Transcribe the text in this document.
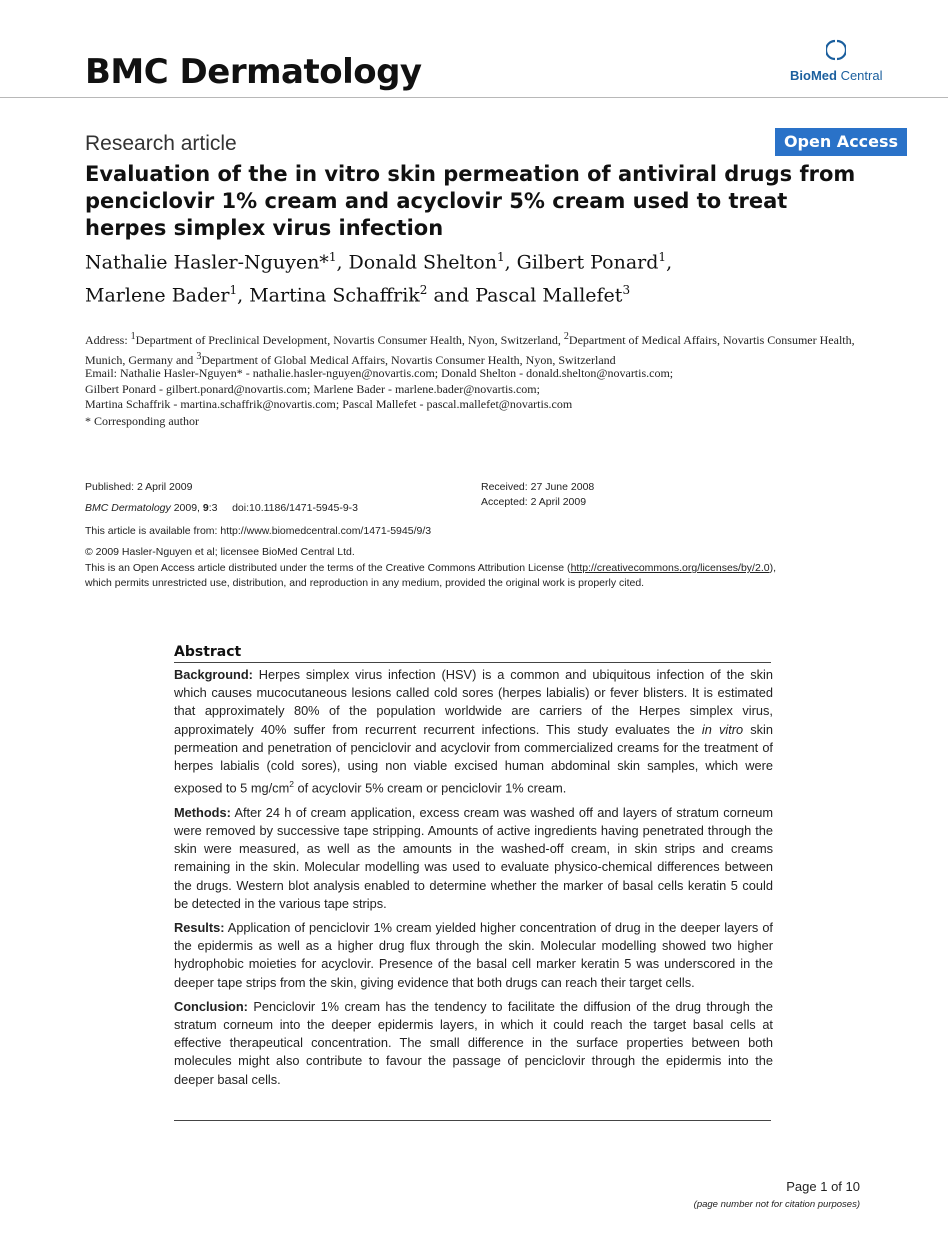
BMC Dermatology	BioMed Central
Research article	Open Access
Evaluation of the in vitro skin permeation of antiviral drugs from penciclovir 1% cream and acyclovir 5% cream used to treat herpes simplex virus infection
Nathalie Hasler-Nguyen*$^1$, Donald Shelton$^1$, Gilbert Ponard$^1$,
Marlene Bader$^1$, Martina Schaffrik$^2$ and Pascal Mallefet$^3$
Address: $^1$Department of Preclinical Development, Novartis Consumer Health, Nyon, Switzerland, $^2$Department of Medical Affairs, Novartis Consumer Health, Munich, Germany and $^3$Department of Global Medical Affairs, Novartis Consumer Health, Nyon, Switzerland
Email: Nathalie Hasler-Nguyen* - nathalie.hasler-nguyen@novartis.com; Donald Shelton - donald.shelton@novartis.com;
Gilbert Ponard - gilbert.ponard@novartis.com; Marlene Bader - marlene.bader@novartis.com;
Martina Schaffrik - martina.schaffrik@novartis.com; Pascal Mallefet - pascal.mallefet@novartis.com
* Corresponding author
Published: 2 April 2009
BMC Dermatology 2009, 9:3     doi:10.1186/1471-5945-9-3
Received: 27 June 2008
Accepted: 2 April 2009
This article is available from: http://www.biomedcentral.com/1471-5945/9/3
© 2009 Hasler-Nguyen et al; licensee BioMed Central Ltd.
This is an Open Access article distributed under the terms of the Creative Commons Attribution License (http://creativecommons.org/licenses/by/2.0),
which permits unrestricted use, distribution, and reproduction in any medium, provided the original work is properly cited.
Abstract

Background: Herpes simplex virus infection (HSV) is a common and ubiquitous infection of the skin which causes mucocutaneous lesions called cold sores (herpes labialis) or fever blisters. It is estimated that approximately 80% of the population worldwide are carriers of the Herpes simplex virus, approximately 40% suffer from recurrent recurrent infections. This study evaluates the in vitro skin permeation and penetration of penciclovir and acyclovir from commercialized creams for the treatment of herpes labialis (cold sores), using non viable excised human abdominal skin samples, which were exposed to 5 $mg/cm^2$ of acyclovir 5% cream or penciclovir 1% cream.

Methods: After 24 h of cream application, excess cream was washed off and layers of stratum corneum were removed by successive tape stripping. Amounts of active ingredients having penetrated through the skin were measured, as well as the amounts in the washed-off cream, in skin strips and creams remaining in the skin. Molecular modelling was used to evaluate physico-chemical differences between the drugs. Western blot analysis enabled to determine whether the marker of basal cells keratin 5 could be detected in the various tape strips.

Results: Application of penciclovir 1% cream yielded higher concentration of drug in the deeper layers of the epidermis as well as a higher drug flux through the skin. Molecular modelling showed two higher hydrophobic moieties for acyclovir. Presence of the basal cell marker keratin 5 was underscored in the deeper tape strips from the skin, giving evidence that both drugs can reach their target cells.

Conclusion: Penciclovir 1% cream has the tendency to facilitate the diffusion of the drug through the stratum corneum into the deeper epidermis layers, in which it could reach the target basal cells at effective therapeutical concentration. The small difference in the surface properties between both molecules might also contribute to favour the passage of penciclovir through the epidermis into the deeper basal cells.

Page 1 of 10
(page number not for citation purposes)
